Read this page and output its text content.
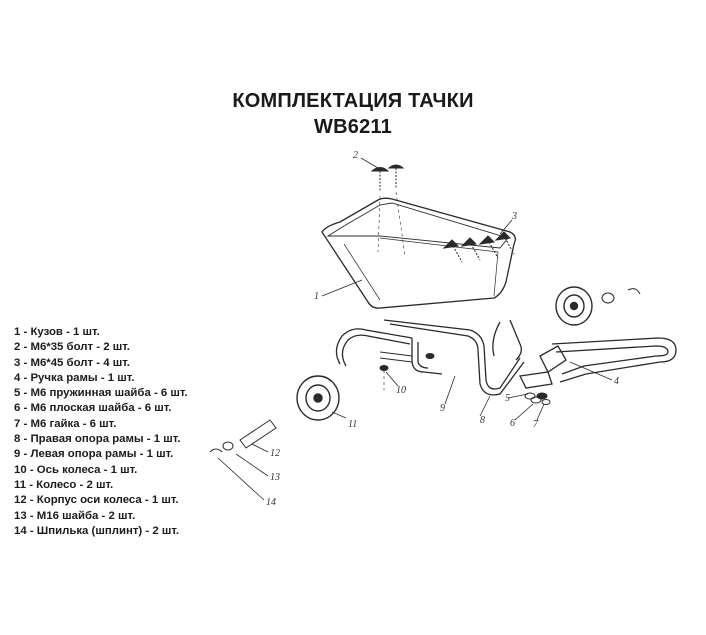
КОМПЛЕКТАЦИЯ ТАЧКИ
WB6211
1 - Кузов - 1 шт.
2 - М6*35 болт - 2 шт.
3 - М6*45 болт - 4 шт.
4 - Ручка рамы - 1 шт.
5 - М6 пружинная шайба - 6 шт.
6 - М6 плоская шайба - 6 шт.
7 - М6 гайка - 6 шт.
8 - Правая опора рамы - 1 шт.
9 - Левая опора рамы - 1 шт.
10 - Ось колеса - 1 шт.
11 - Колесо - 2 шт.
12 - Корпус оси колеса - 1 шт.
13 - М16 шайба - 2 шт.
14 - Шпилька (шплинт) - 2 шт.
1
2
3
4
5
6 7
8
9
10
11
12
13
14
